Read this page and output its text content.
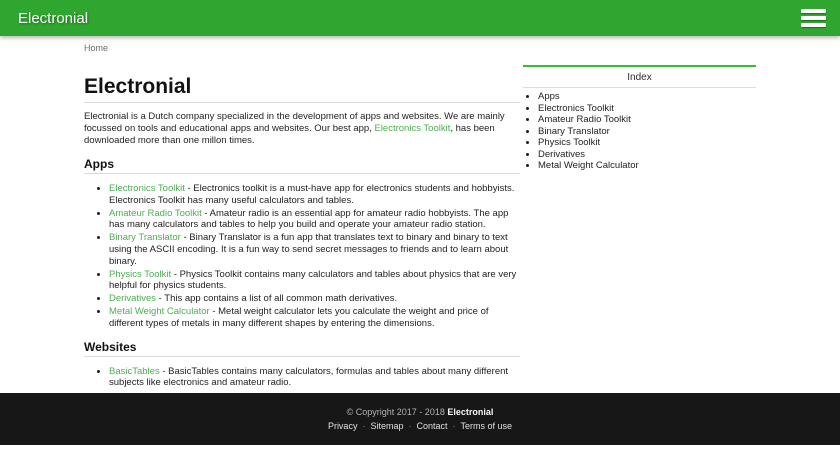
Electronial
Home
Electronial

Electronial is a Dutch company specialized in the development of apps and websites. We are mainly focussed on tools and educational apps and websites. Our best app, Electronics Toolkit, has been downloaded more than one millon times.

Apps
• Electronics Toolkit - Electronics toolkit is a must-have app for electronics students and hobbyists. Electronics Toolkit has many useful calculators and tables.
• Amateur Radio Toolkit - Amateur radio is an essential app for amateur radio hobbyists. The app has many calculators and tables to help you build and operate your amateur radio station.
• Binary Translator - Binary Translator is a fun app that translates text to binary and binary to text using the ASCII encoding. It is a fun way to send secret messages to friends and to learn about binary.
• Physics Toolkit - Physics Toolkit contains many calculators and tables about physics that are very helpful for physics students.
• Derivatives - This app contains a list of all common math derivatives.
• Metal Weight Calculator - Metal weight calculator lets you calculate the weight and price of different types of metals in many different shapes by entering the dimensions.
Websites
• BasicTables - BasicTables contains many calculators, formulas and tables about many different subjects like electronics and amateur radio.
Index
• Apps
• Electronics Toolkit
• Amateur Radio Toolkit
• Binary Translator
• Physics Toolkit
• Derivatives
• Metal Weight Calculator
© Copyright 2017 - 2018 Electronial
Privacy · Sitemap · Contact · Terms of use
